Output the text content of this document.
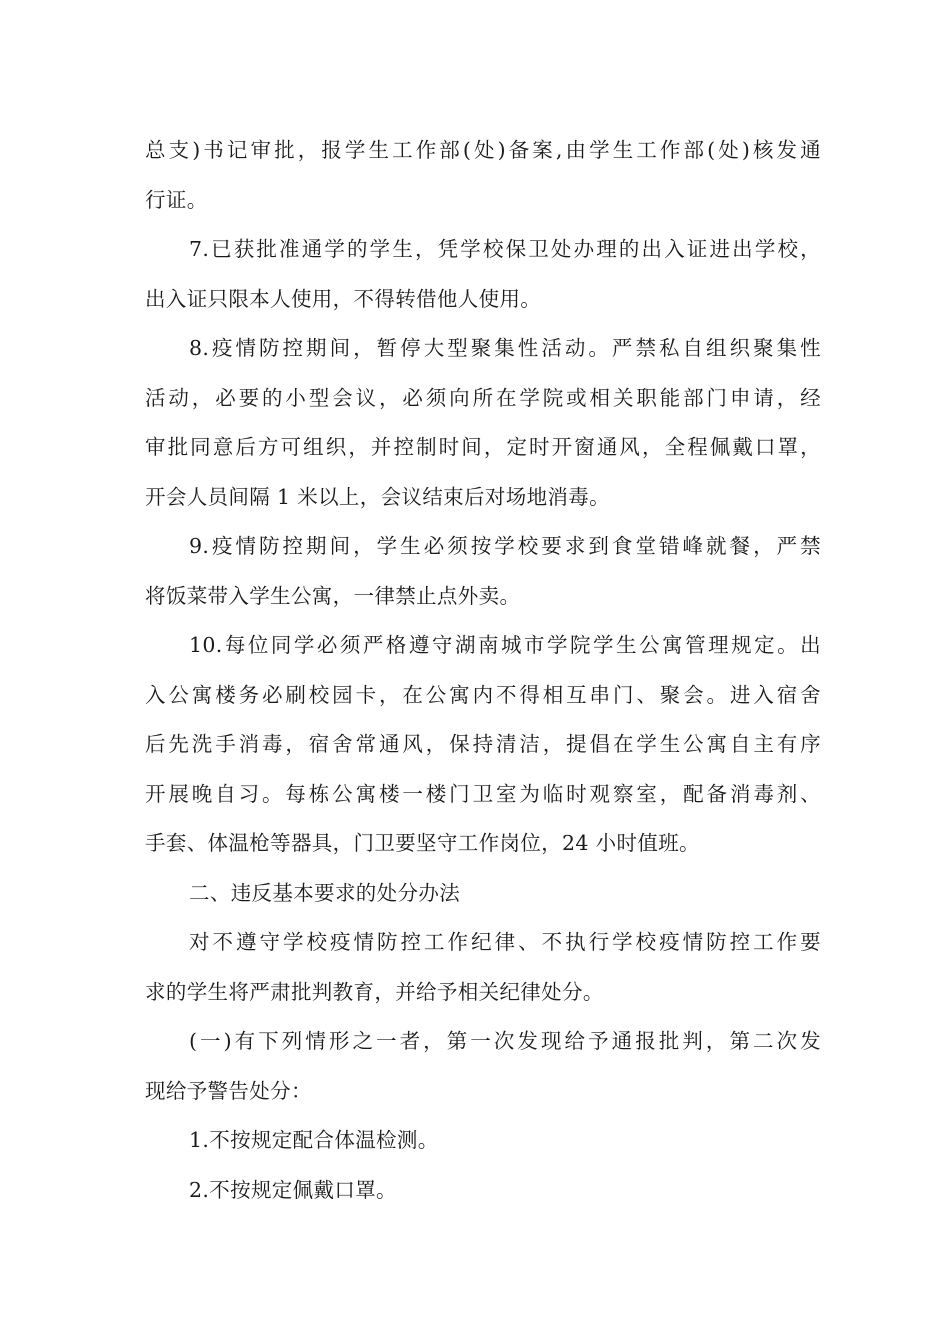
总支)书记审批，报学生工作部(处)备案,由学生工作部(处)核发通
行证。
7.已获批准通学的学生，凭学校保卫处办理的出入证进出学校，
出入证只限本人使用，不得转借他人使用。
8.疫情防控期间，暂停大型聚集性活动。严禁私自组织聚集性
活动，必要的小型会议，必须向所在学院或相关职能部门申请，经
审批同意后方可组织，并控制时间，定时开窗通风，全程佩戴口罩，
开会人员间隔 1 米以上，会议结束后对场地消毒。
9.疫情防控期间，学生必须按学校要求到食堂错峰就餐，严禁
将饭菜带入学生公寓，一律禁止点外卖。
10.每位同学必须严格遵守湖南城市学院学生公寓管理规定。出
入公寓楼务必刷校园卡，在公寓内不得相互串门、聚会。进入宿舍
后先洗手消毒，宿舍常通风，保持清洁，提倡在学生公寓自主有序
开展晚自习。每栋公寓楼一楼门卫室为临时观察室，配备消毒剂、
手套、体温枪等器具，门卫要坚守工作岗位，24 小时值班。
二、违反基本要求的处分办法
对不遵守学校疫情防控工作纪律、不执行学校疫情防控工作要
求的学生将严肃批判教育，并给予相关纪律处分。
(一)有下列情形之一者，第一次发现给予通报批判，第二次发
现给予警告处分：
1.不按规定配合体温检测。
2.不按规定佩戴口罩。
